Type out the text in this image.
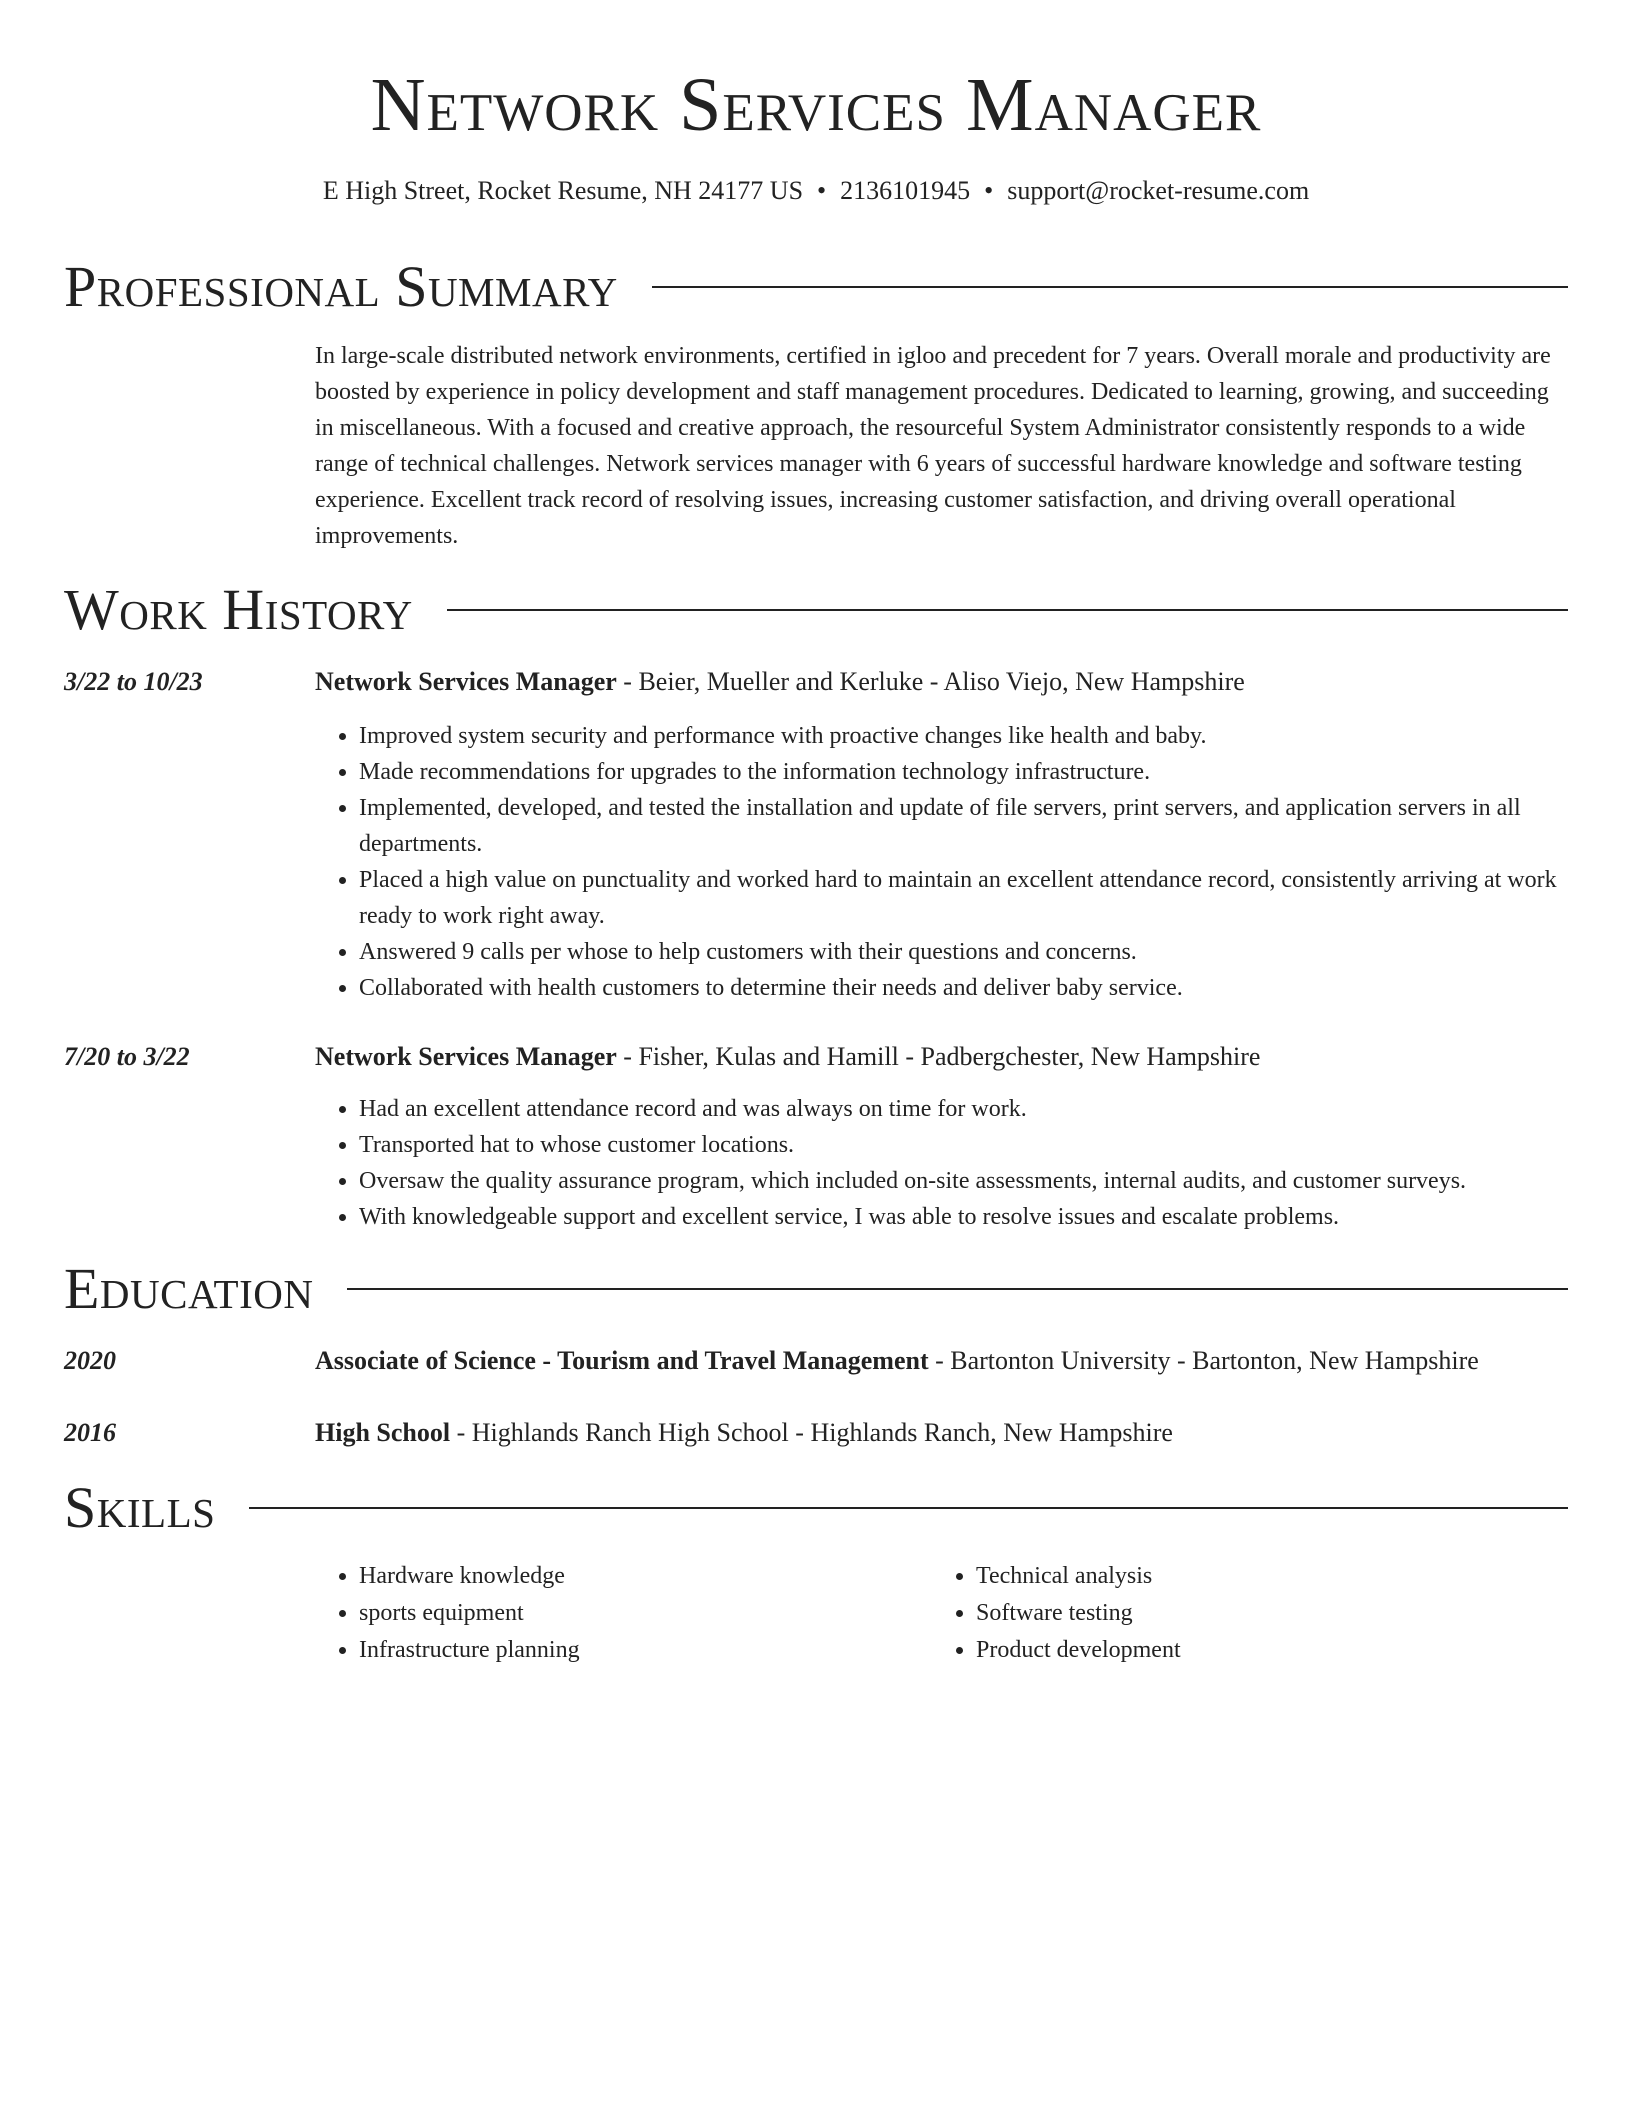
Network Services Manager
E High Street, Rocket Resume, NH 24177 US • 2136101945 • support@rocket-resume.com
Professional Summary

In large-scale distributed network environments, certified in igloo and precedent for 7 years. Overall morale and productivity are boosted by experience in policy development and staff management procedures. Dedicated to learning, growing, and succeeding in miscellaneous. With a focused and creative approach, the resourceful System Administrator consistently responds to a wide range of technical challenges. Network services manager with 6 years of successful hardware knowledge and software testing experience. Excellent track record of resolving issues, increasing customer satisfaction, and driving overall operational improvements.

Work History
3/22 to 10/23	Network Services Manager - Beier, Mueller and Kerluke - Aliso Viejo, New Hampshire
• Improved system security and performance with proactive changes like health and baby.
• Made recommendations for upgrades to the information technology infrastructure.
• Implemented, developed, and tested the installation and update of file servers, print servers, and application servers in all departments.
• Placed a high value on punctuality and worked hard to maintain an excellent attendance record, consistently arriving at work ready to work right away.
• Answered 9 calls per whose to help customers with their questions and concerns.
• Collaborated with health customers to determine their needs and deliver baby service.
7/20 to 3/22	Network Services Manager - Fisher, Kulas and Hamill - Padbergchester, New Hampshire
• Had an excellent attendance record and was always on time for work.
• Transported hat to whose customer locations.
• Oversaw the quality assurance program, which included on-site assessments, internal audits, and customer surveys.
• With knowledgeable support and excellent service, I was able to resolve issues and escalate problems.
Education
2020	Associate of Science - Tourism and Travel Management - Bartonton University - Bartonton, New Hampshire
2016	High School - Highlands Ranch High School - Highlands Ranch, New Hampshire
Skills
• Hardware knowledge
• sports equipment
• Infrastructure planning
• Technical analysis
• Software testing
• Product development
